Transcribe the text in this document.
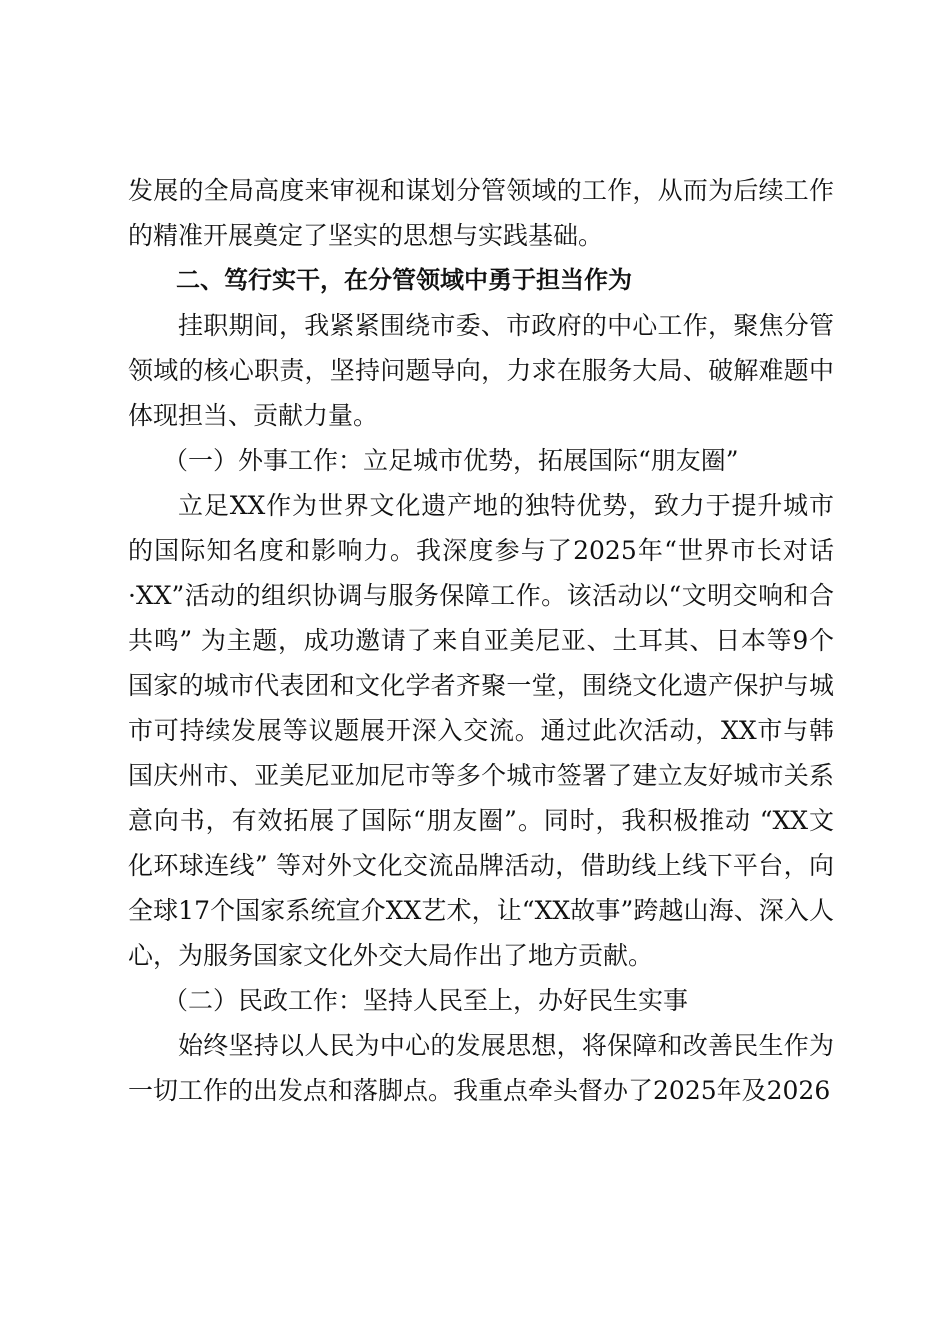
发展的全局高度来审视和谋划分管领域的工作，从而为后续工作的精准开展奠定了坚实的思想与实践基础。

二、笃行实干，在分管领域中勇于担当作为

挂职期间，我紧紧围绕市委、市政府的中心工作，聚焦分管领域的核心职责，坚持问题导向，力求在服务大局、破解难题中体现担当、贡献力量。

（一）外事工作：立足城市优势，拓展国际“朋友圈”

立足XX作为世界文化遗产地的独特优势，致力于提升城市的国际知名度和影响力。我深度参与了2025年“世界市长对话·XX”活动的组织协调与服务保障工作。该活动以“文明交响和合共鸣” 为主题，成功邀请了来自亚美尼亚、土耳其、日本等9个国家的城市代表团和文化学者齐聚一堂，围绕文化遗产保护与城市可持续发展等议题展开深入交流。通过此次活动，XX市与韩国庆州市、亚美尼亚加尼市等多个城市签署了建立友好城市关系意向书，有效拓展了国际“朋友圈”。同时，我积极推动 “XX文化环球连线” 等对外文化交流品牌活动，借助线上线下平台，向全球17个国家系统宣介XX艺术，让“XX故事”跨越山海、深入人心，为服务国家文化外交大局作出了地方贡献。

（二）民政工作：坚持人民至上，办好民生实事

始终坚持以人民为中心的发展思想，将保障和改善民生作为一切工作的出发点和落脚点。我重点牵头督办了2025年及2026
